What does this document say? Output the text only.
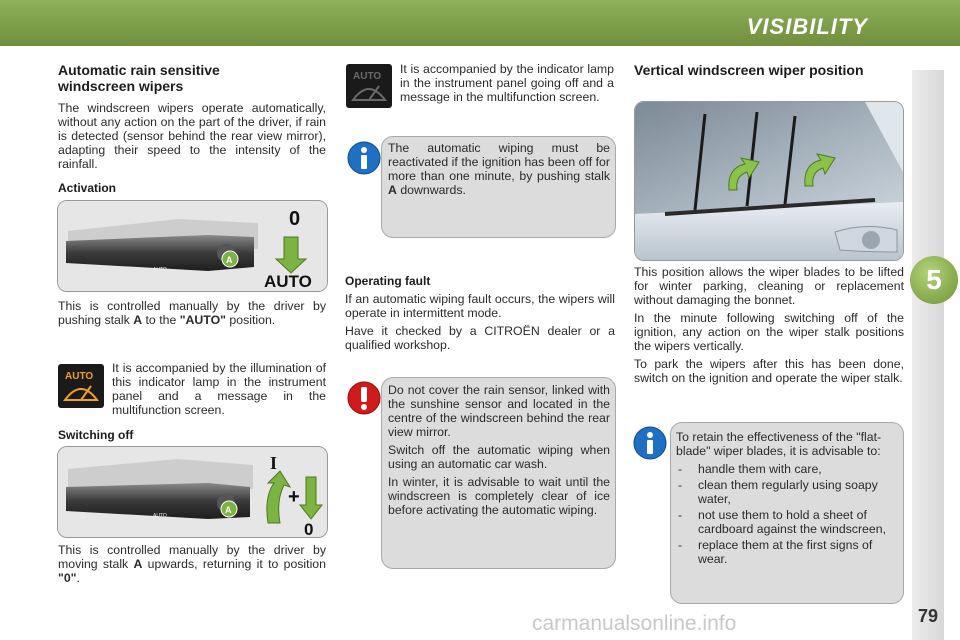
VISIBILITY
5
79
carmanualsonline.info
Automatic rain sensitive windscreen wipers
The windscreen wipers operate automatically, without any action on the part of the driver, if rain is detected (sensor behind the rear view mirror), adapting their speed to the intensity of the rainfall.
Activation
A
AUTO
0
AUTO
This is controlled manually by the driver by pushing stalk A to the "AUTO" position.
AUTO
It is accompanied by the illumination of this indicator lamp in the instrument panel and a message in the multifunction screen.
Switching off
A
AUTO
I
+
0
This is controlled manually by the driver by moving stalk A upwards, returning it to position "0".
AUTO
It is accompanied by the indicator lamp in the instrument panel going off and a message in the multifunction screen.
The automatic wiping must be reactivated if the ignition has been off for more than one minute, by pushing stalk A downwards.
Operating fault

If an automatic wiping fault occurs, the wipers will operate in intermittent mode.

Have it checked by a CITROËN dealer or a qualified workshop.

Do not cover the rain sensor, linked with the sunshine sensor and located in the centre of the windscreen behind the rear view mirror.

Switch off the automatic wiping when using an automatic car wash.

In winter, it is advisable to wait until the windscreen is completely clear of ice before activating the automatic wiping.

Vertical windscreen wiper position

This position allows the wiper blades to be lifted for winter parking, cleaning or replacement without damaging the bonnet.

In the minute following switching off of the ignition, any action on the wiper stalk positions the wipers vertically.

To park the wipers after this has been done, switch on the ignition and operate the wiper stalk.

To retain the effectiveness of the "flat-blade" wiper blades, it is advisable to:

- handle them with care,
- clean them regularly using soapy water,
- not use them to hold a sheet of cardboard against the windscreen,
- replace them at the first signs of wear.
